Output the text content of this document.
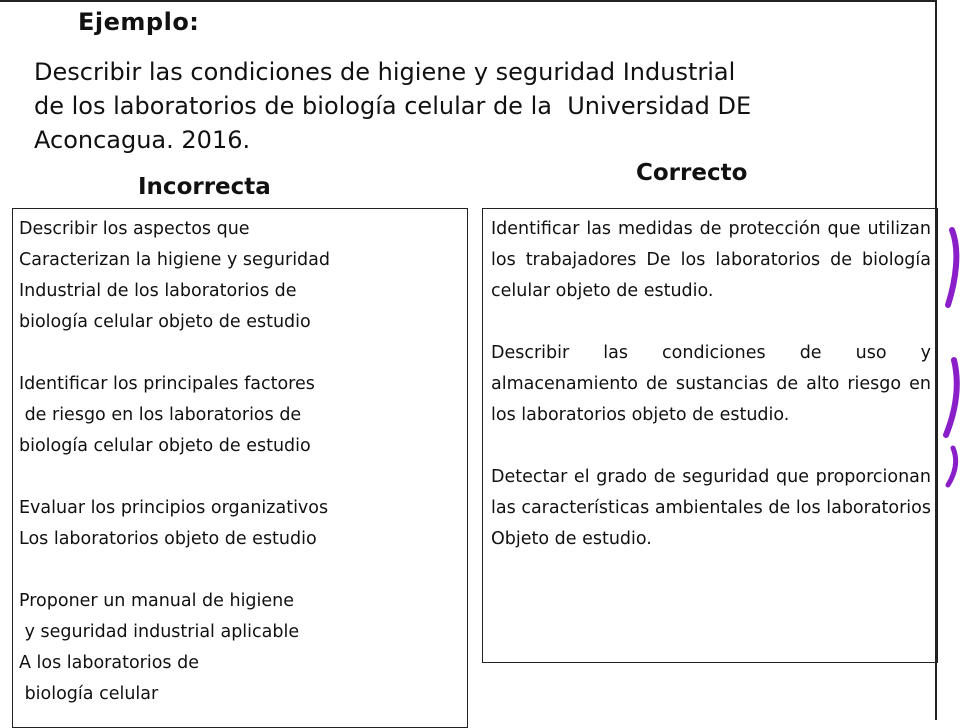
Ejemplo:
Describir las condiciones de higiene y seguridad Industrial
de los laboratorios de biología celular de la  Universidad DE
Aconcagua. 2016.
Incorrecta
Correcto
Describir los aspectos que
Caracterizan la higiene y seguridad
Industrial de los laboratorios de
biología celular objeto de estudio
Identificar los principales factores
de riesgo en los laboratorios de
biología celular objeto de estudio
Evaluar los principios organizativos
Los laboratorios objeto de estudio
Proponer un manual de higiene
y seguridad industrial aplicable
A los laboratorios de
biología celular

Identificar las medidas de protección que utilizan los trabajadores De los laboratorios de biología celular objeto de estudio.

Describir las condiciones de uso y almacenamiento de sustancias de alto riesgo en los laboratorios objeto de estudio.

Detectar el grado de seguridad que proporcionan las características ambientales de los laboratorios Objeto de estudio.
